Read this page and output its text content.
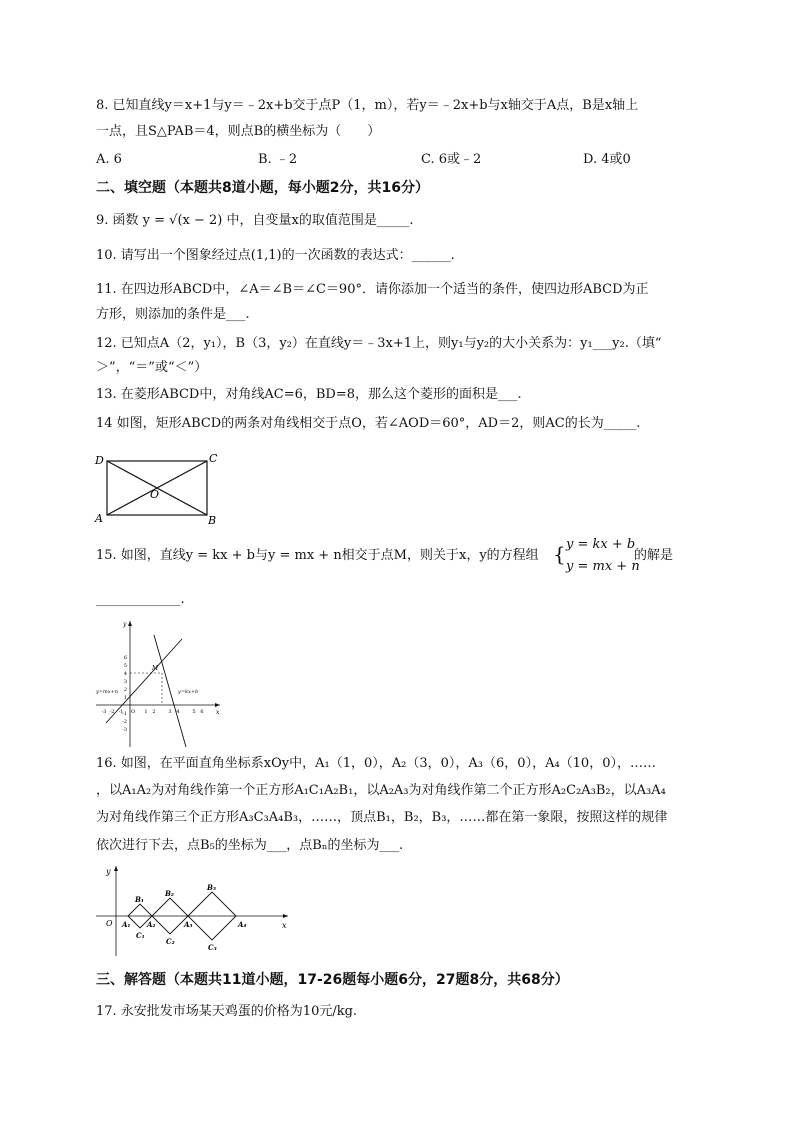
8. 已知直线y＝x+1与y＝﹣2x+b交于点P（1，m），若y＝﹣2x+b与x轴交于A点，B是x轴上
一点，且S△PAB＝4，则点B的横坐标为（　　）
A. 6	B. ﹣2	C. 6或﹣2	D. 4或0
二、填空题（本题共8道小题，每小题2分，共16分）
9. 函数 y = √(x − 2) 中，自变量x的取值范围是_____.
10. 请写出一个图象经过点(1,1)的一次函数的表达式：______.
11. 在四边形ABCD中，∠A＝∠B＝∠C＝90°．请你添加一个适当的条件，使四边形ABCD为正
方形，则添加的条件是___.
12. 已知点A（2，y₁），B（3，y₂）在直线y＝﹣3x+1上，则y₁与y₂的大小关系为：y₁___y₂.（填“
＞”，“＝”或“＜”）
13. 在菱形ABCD中，对角线AC=6，BD=8，那么这个菱形的面积是___.
14 如图，矩形ABCD的两条对角线相交于点O，若∠AOD＝60°，AD＝2，则AC的长为_____.
D	C
O
A	B
15. 如图，直线y = kx + b与y = mx + n相交于点M，则关于x，y的方程组 { y = kx + b
y = mx + n
的解是
_____________.
y
x
O
6
5
4
3
2
1
-1
-2
-3
-3 -2 -1	1 2	3 4	5 6
M
y=mx+n	y=kx+b
16. 如图，在平面直角坐标系xOy中，A₁（1，0），A₂（3，0），A₃（6，0），A₄（10，0），……
，以A₁A₂为对角线作第一个正方形A₁C₁A₂B₁，以A₂A₃为对角线作第二个正方形A₂C₂A₃B₂，以A₃A₄
为对角线作第三个正方形A₃C₃A₄B₃，……，顶点B₁，B₂，B₃，……都在第一象限，按照这样的规律
依次进行下去，点B₅的坐标为___，点Bₙ的坐标为___.
y
x
O A₁ A₂	A₃	A₄
B₁
B₂
B₃
C₁
C₂
C₃
三、解答题（本题共11道小题，17-26题每小题6分，27题8分，共68分）
17. 永安批发市场某天鸡蛋的价格为10元/kg.
